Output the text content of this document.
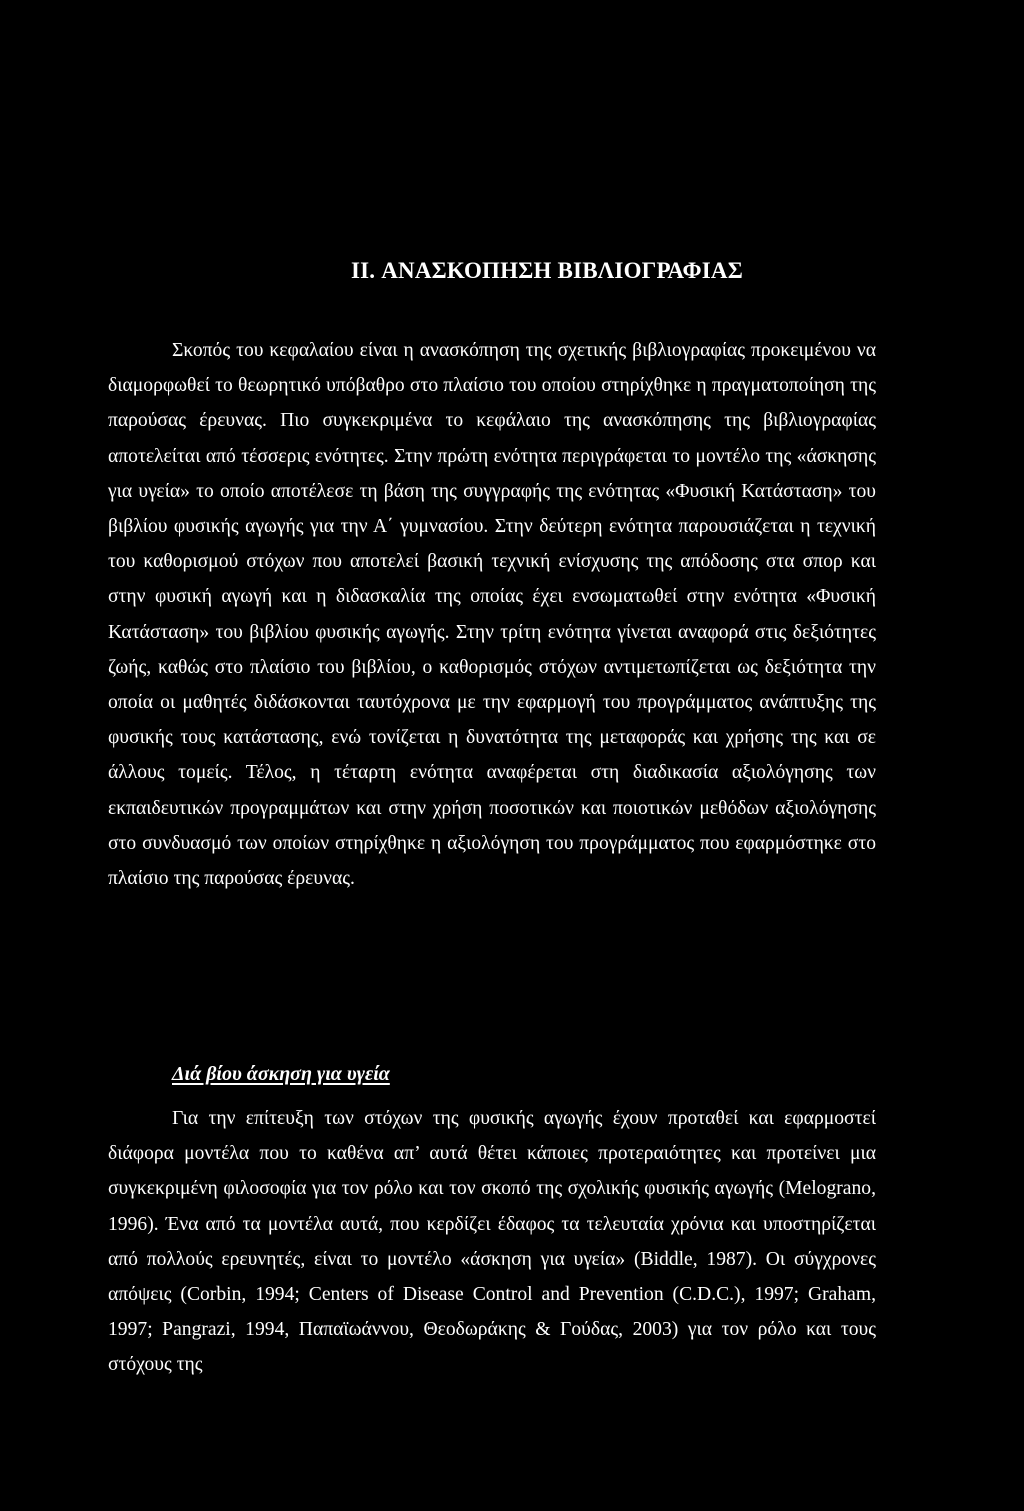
II. ΑΝΑΣΚΟΠΗΣΗ ΒΙΒΛΙΟΓΡΑΦΙΑΣ

Σκοπός του κεφαλαίου είναι η ανασκόπηση της σχετικής βιβλιογραφίας προκειμένου να διαμορφωθεί το θεωρητικό υπόβαθρο στο πλαίσιο του οποίου στηρίχθηκε η πραγματοποίηση της παρούσας έρευνας. Πιο συγκεκριμένα το κεφάλαιο της ανασκόπησης της βιβλιογραφίας αποτελείται από τέσσερις ενότητες. Στην πρώτη ενότητα περιγράφεται το μοντέλο της «άσκησης για υγεία» το οποίο αποτέλεσε τη βάση της συγγραφής της ενότητας «Φυσική Κατάσταση» του βιβλίου φυσικής αγωγής για την Α΄ γυμνασίου. Στην δεύτερη ενότητα παρουσιάζεται η τεχνική του καθορισμού στόχων που αποτελεί βασική τεχνική ενίσχυσης της απόδοσης στα σπορ και στην φυσική αγωγή και η διδασκαλία της οποίας έχει ενσωματωθεί στην ενότητα «Φυσική Κατάσταση» του βιβλίου φυσικής αγωγής. Στην τρίτη ενότητα γίνεται αναφορά στις δεξιότητες ζωής, καθώς στο πλαίσιο του βιβλίου, ο καθορισμός στόχων αντιμετωπίζεται ως δεξιότητα την οποία οι μαθητές διδάσκονται ταυτόχρονα με την εφαρμογή του προγράμματος ανάπτυξης της φυσικής τους κατάστασης, ενώ τονίζεται η δυνατότητα της μεταφοράς και χρήσης της και σε άλλους τομείς. Τέλος, η τέταρτη ενότητα αναφέρεται στη διαδικασία αξιολόγησης των εκπαιδευτικών προγραμμάτων και στην χρήση ποσοτικών και ποιοτικών μεθόδων αξιολόγησης στο συνδυασμό των οποίων στηρίχθηκε η αξιολόγηση του προγράμματος που εφαρμόστηκε στο πλαίσιο της παρούσας έρευνας.

Διά βίου άσκηση για υγεία

Για την επίτευξη των στόχων της φυσικής αγωγής έχουν προταθεί και εφαρμοστεί διάφορα μοντέλα που το καθένα απ’ αυτά θέτει κάποιες προτεραιότητες και προτείνει μια συγκεκριμένη φιλοσοφία για τον ρόλο και τον σκοπό της σχολικής φυσικής αγωγής (Melograno, 1996). Ένα από τα μοντέλα αυτά, που κερδίζει έδαφος τα τελευταία χρόνια και υποστηρίζεται από πολλούς ερευνητές, είναι το μοντέλο «άσκηση για υγεία» (Biddle, 1987). Οι σύγχρονες απόψεις (Corbin, 1994; Centers of Disease Control and Prevention (C.D.C.), 1997; Graham, 1997; Pangrazi, 1994, Παπαϊωάννου, Θεοδωράκης & Γούδας, 2003) για τον ρόλο και τους στόχους της
